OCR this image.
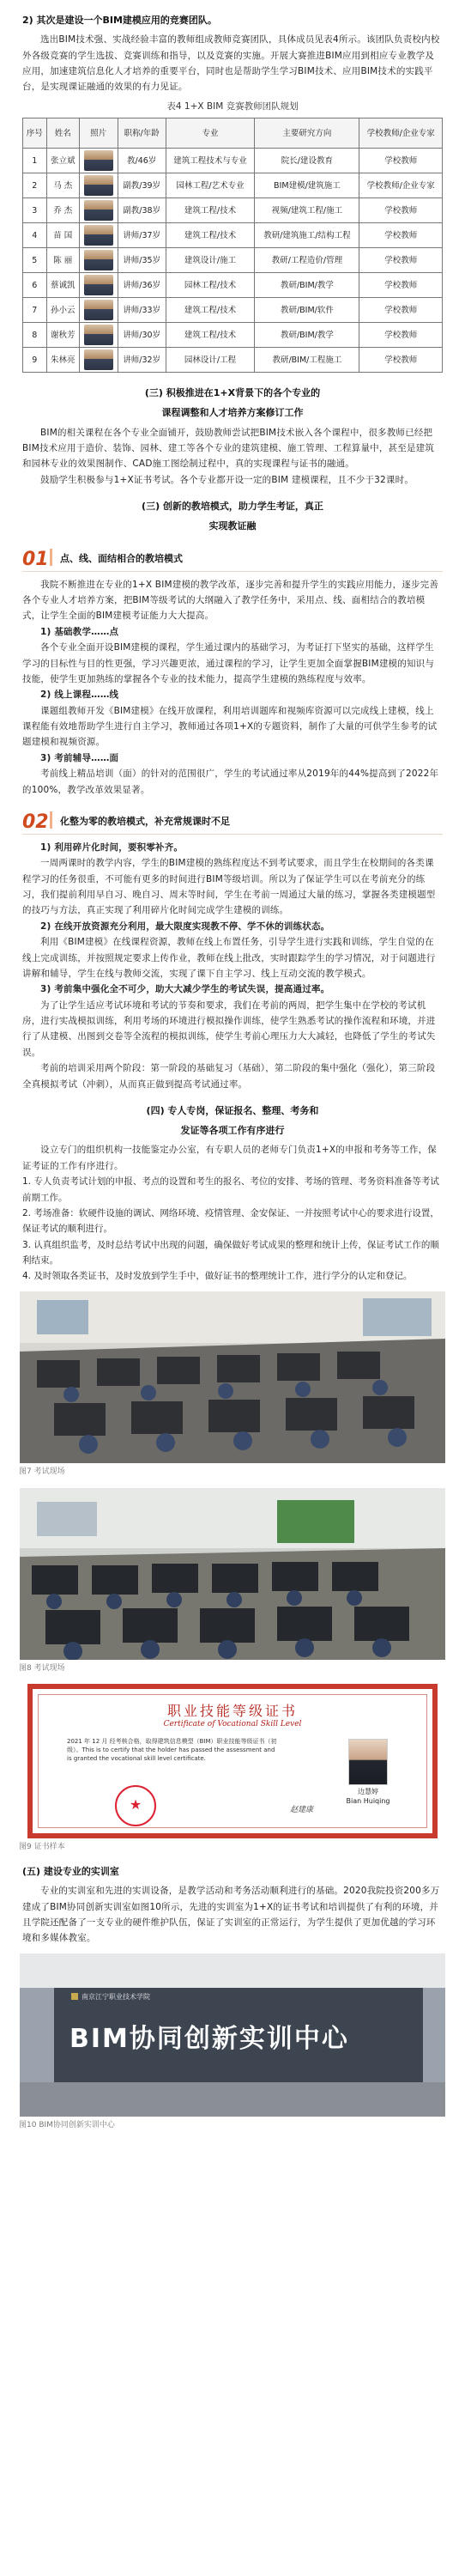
2) 其次是建设一个BIM建模应用的竞赛团队。

选出BIM技术强、实战经验丰富的教师组成教师竞赛团队，具体成员见表4所示。该团队负责校内校外各级竞赛的学生选拔、竞赛训练和指导，以及竞赛的实施。开展大赛推进BIM应用到相应专业教学及应用，加速建筑信息化人才培养的重要平台，同时也是帮助学生学习BIM技术、应用BIM技术的实践平台，是实现课证融通的效果的有力见证。

表4 1+X BIM 竞赛教师团队规划
序号	姓名	照片	职称/年龄	专业	主要研究方向	学校教师/企业专家
1	张立斌		教/46岁	建筑工程技术与专业	院长/建设教育	学校教师
2	马 杰		副教/39岁	园林工程/艺术专业	BIM建模/建筑施工	学校教师/企业专家
3	乔 杰		副教/38岁	建筑工程/技术	视频/建筑工程/施工	学校教师
4	苗 国		讲师/37岁	建筑工程/技术	教研/建筑施工/结构工程	学校教师
5	陈 丽		讲师/35岁	建筑设计/施工	教研/工程造价/管理	学校教师
6	蔡诚凯		讲师/36岁	园林工程/技术	教研/BIM/教学	学校教师
7	孙小云		讲师/33岁	建筑工程/技术	教研/BIM/软件	学校教师
8	谢秋芳		讲师/30岁	建筑工程/技术	教研/BIM/教学	学校教师
9	朱林亮		讲师/32岁	园林设计/工程	教研/BIM/工程施工	学校教师
(三) 积极推进在1+X背景下的各个专业的
课程调整和人才培养方案修订工作

BIM的相关课程在各个专业全面铺开，鼓励教师尝试把BIM技术嵌入各个课程中，很多教师已经把BIM技术应用于造价、装饰、园林、建工等各个专业的建筑建模、施工管理、工程算量中，甚至是建筑和园林专业的效果图制作、CAD施工图绘制过程中，真的实现课程与证书的融通。

鼓励学生积极参与1+X证书考试。各个专业都开设一定的BIM 建模课程，且不少于32课时。

(三) 创新的教培模式，助力学生考证，真正
实现教证融
01 点、线、面结相合的教培模式

我院不断推进在专业的1+X BIM建模的教学改革，逐步完善和提升学生的实践应用能力，逐步完善各个专业人才培养方案，把BIM等级考试的大纲融入了教学任务中，采用点、线、面相结合的教培模式，让学生全面的BIM建模考证能力大大提高。

1) 基础教学……点

各个专业全面开设BIM建模的课程，学生通过课内的基础学习，为考证打下坚实的基础，这样学生学习的目标性与目的性更强，学习兴趣更浓，通过课程的学习，让学生更加全面掌握BIM建模的知识与技能，使学生更加熟练的掌握各个专业的技术能力，提高学生建模的熟练程度与效率。

2) 线上课程……线

课题组教师开发《BIM建模》在线开放课程，利用培训题库和视频库资源可以完成线上建模，线上课程能有效地帮助学生进行自主学习，教师通过各项1+X的专题资料，制作了大量的可供学生参考的试题建模和视频资源。

3) 考前辅导……面

考前线上精品培训（面）的针对的范围很广，学生的考试通过率从2019年的44%提高到了2022年的100%，教学改革效果显著。

02 化整为零的教培模式，补充常规课时不足

1) 利用碎片化时间，要积零补齐。

一周两课时的教学内容，学生的BIM建模的熟练程度达不到考试要求，而且学生在校期间的各类课程学习的任务很重，不可能有更多的时间进行BIM等级培训。所以为了保证学生可以在考前充分的练习，我们提前利用早自习、晚自习、周末等时间，学生在考前一周通过大量的练习，掌握各类建模题型的技巧与方法，真正实现了利用碎片化时间完成学生建模的训练。

2) 在线开放资源充分利用，最大限度实现教不停、学不休的训练状态。

利用《BIM建模》在线课程资源，教师在线上布置任务，引导学生进行实践和训练，学生自觉的在线上完成训练，并按照规定要求上传作业，教师在线上批改，实时跟踪学生的学习情况，对于问题进行讲解和辅导，学生在线与教师交流，实现了课下自主学习、线上互动交流的教学模式。

3) 考前集中强化全不可少，助大大减少学生的考试失误，提高通过率。

为了让学生适应考试环境和考试的节奏和要求，我们在考前的两周，把学生集中在学校的考试机房，进行实战模拟训练，利用考场的环境进行模拟操作训练，使学生熟悉考试的操作流程和环境，并进行了从建模、出图到交卷等全流程的模拟训练，使学生考前心理压力大大减轻，也降低了学生的考试失误。

考前的培训采用两个阶段：第一阶段的基础复习（基础），第二阶段的集中强化（强化），第三阶段全真模拟考试（冲刺），从而真正做到提高考试通过率。

(四) 专人专岗，保证报名、整理、考务和
发证等各项工作有序进行

设立专门的组织机构一技能鉴定办公室，有专职人员的老师专门负责1+X的申报和考务等工作，保证考证的工作有序进行。

1. 专人负责考试计划的申报、考点的设置和考生的报名、考位的安排、考场的管理、考务资料准备等考试前期工作。

2. 考场准备：软硬件设施的调试、网络环境、疫情管理、金安保证、一并按照考试中心的要求进行设置，保证考试的顺利进行。

3. 认真组织监考，及时总结考试中出现的问题，确保做好考试成果的整理和统计上传，保证考试工作的顺利结束。

4. 及时领取各类证书，及时发放到学生手中，做好证书的整理统计工作，进行学分的认定和登记。

图7 考试现场
图8 考试现场
职业技能等级证书
Certificate of Vocational Skill Level
2021 年 12 月 经考核合格，取得建筑信息模型（BIM）职业技能等级证书（初级）。This is to certify that the holder has passed the assessment and is granted the vocational skill level certificate.
★
边慧婷
Bian Huiqing
赵建康
图9 证书样本
(五) 建设专业的实训室

专业的实训室和先进的实训设备，是教学活动和考务活动顺利进行的基础。2020我院投资200多万建成了BIM协同创新实训室如图10所示，先进的实训室为1+X的证书考试和培训提供了有利的环境，并且学院还配备了一支专业的硬件维护队伍，保证了实训室的正常运行，为学生提供了更加优越的学习环境和多媒体教室。

南京江宁职业技术学院
BIM协同创新实训中心
图10 BIM协同创新实训中心
